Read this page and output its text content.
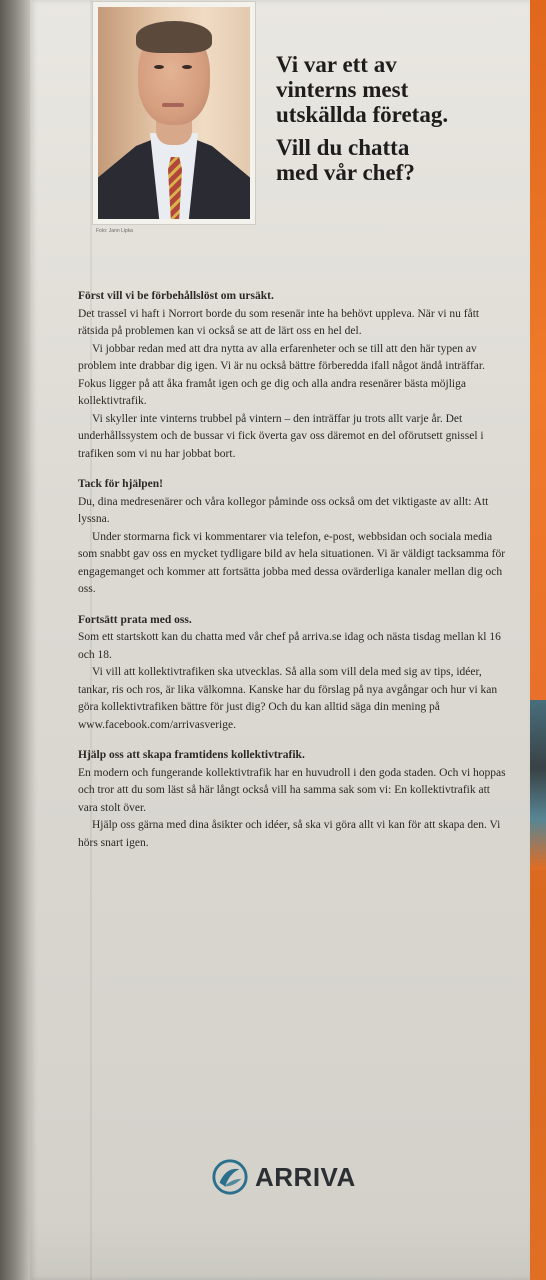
Foto: Jann Lipka
Vi var ett av
vinterns mest
utskällda företag.
Vill du chatta
med vår chef?

Först vill vi be förbehållslöst om ursäkt.

Det trassel vi haft i Norrort borde du som resenär inte ha behövt uppleva. När vi nu fått rätsida på problemen kan vi också se att de lärt oss en hel del.

Vi jobbar redan med att dra nytta av alla erfarenheter och se till att den här typen av problem inte drabbar dig igen. Vi är nu också bättre förberedda ifall något ändå inträffar. Fokus ligger på att åka framåt igen och ge dig och alla andra resenärer bästa möjliga kollektivtrafik.

Vi skyller inte vinterns trubbel på vintern – den inträffar ju trots allt varje år. Det underhållssystem och de bussar vi fick överta gav oss däremot en del oförutsett gnissel i trafiken som vi nu har jobbat bort.

Tack för hjälpen!

Du, dina medresenärer och våra kollegor påminde oss också om det viktigaste av allt: Att lyssna.

Under stormarna fick vi kommentarer via telefon, e-post, webbsidan och sociala media som snabbt gav oss en mycket tydligare bild av hela situationen. Vi är väldigt tacksamma för engagemanget och kommer att fortsätta jobba med dessa ovärderliga kanaler mellan dig och oss.

Fortsätt prata med oss.

Som ett startskott kan du chatta med vår chef på arriva.se idag och nästa tisdag mellan kl 16 och 18.

Vi vill att kollektivtrafiken ska utvecklas. Så alla som vill dela med sig av tips, idéer, tankar, ris och ros, är lika välkomna. Kanske har du förslag på nya avgångar och hur vi kan göra kollektivtrafiken bättre för just dig? Och du kan alltid säga din mening på www.facebook.com/arrivasverige.

Hjälp oss att skapa framtidens kollektivtrafik.

En modern och fungerande kollektivtrafik har en huvudroll i den goda staden. Och vi hoppas och tror att du som läst så här långt också vill ha samma sak som vi: En kollektivtrafik att vara stolt över.

Hjälp oss gärna med dina åsikter och idéer, så ska vi göra allt vi kan för att skapa den. Vi hörs snart igen.

ARRIVA
